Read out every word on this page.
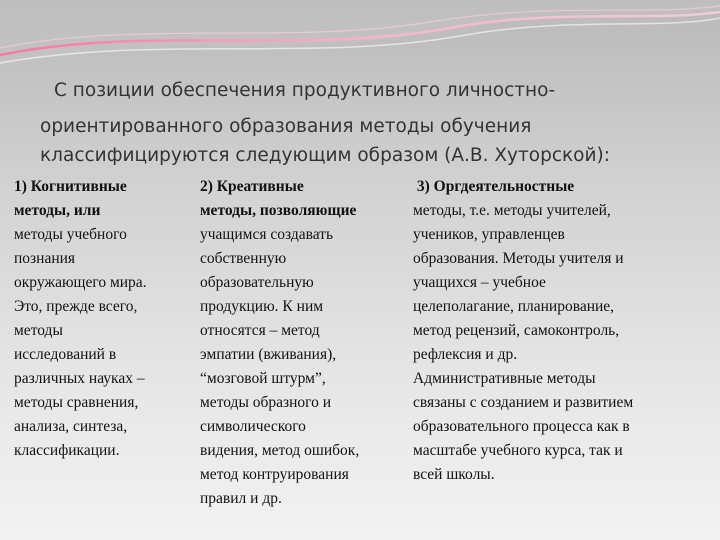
С позиции обеспечения продуктивного личностно-
ориентированного образования методы обучения
классифицируются следующим образом (А.В. Хуторской):
1) Когнитивные
методы, или
методы учебного
познания
окружающего мира.
Это, прежде всего,
методы
исследований в
различных науках –
методы сравнения,
анализа, синтеза,
классификации.
2) Креативные
методы, позволяющие
учащимся создавать
собственную
образовательную
продукцию. К ним
относятся – метод
эмпатии (вживания),
“мозговой штурм”,
методы образного и
символического
видения, метод ошибок,
метод контруирования
правил и др.
3) Оргдеятельностные
методы, т.е. методы учителей,
учеников, управленцев
образования. Методы учителя и
учащихся – учебное
целеполагание, планирование,
метод рецензий, самоконтроль,
рефлексия и др.
Административные методы
связаны с созданием и развитием
образовательного процесса как в
масштабе учебного курса, так и
всей школы.
